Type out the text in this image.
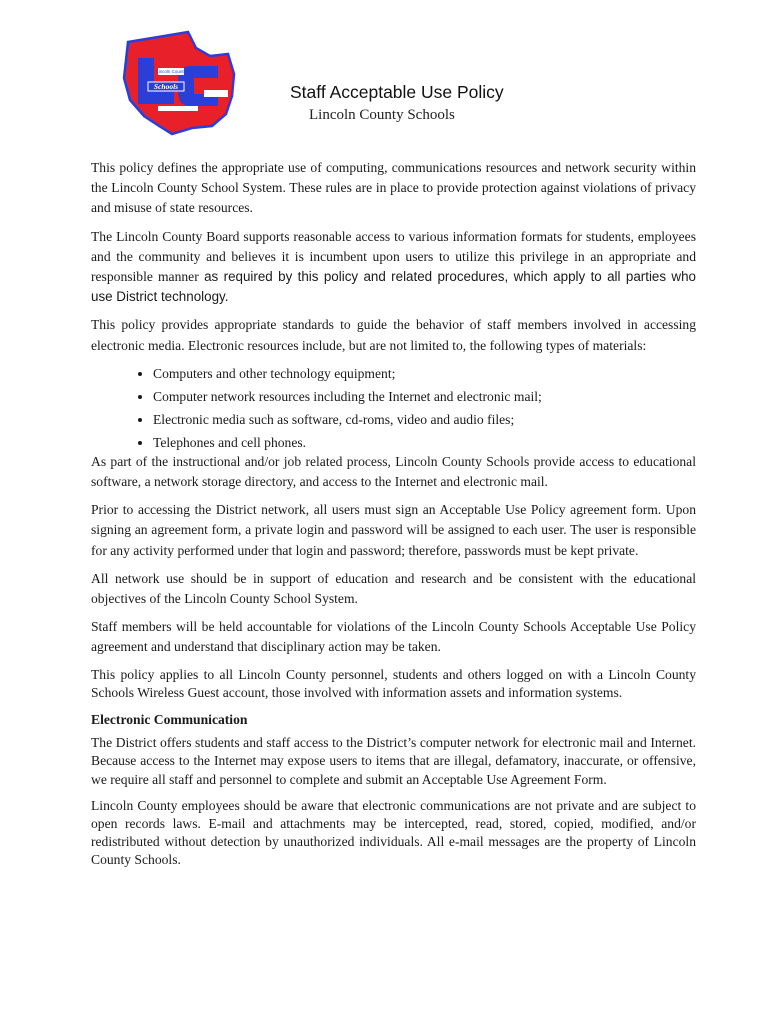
Lincoln County
Schools	Staff Acceptable Use Policy
Lincoln County Schools

This policy defines the appropriate use of computing, communications resources and network security within the Lincoln County School System. These rules are in place to provide protection against violations of privacy and misuse of state resources.

The Lincoln County Board supports reasonable access to various information formats for students, employees and the community and believes it is incumbent upon users to utilize this privilege in an appropriate and responsible manner as required by this policy and related procedures, which apply to all parties who use District technology.

This policy provides appropriate standards to guide the behavior of staff members involved in accessing electronic media. Electronic resources include, but are not limited to, the following types of materials:

• Computers and other technology equipment;
• Computer network resources including the Internet and electronic mail;
• Electronic media such as software, cd-roms, video and audio files;
• Telephones and cell phones.

As part of the instructional and/or job related process, Lincoln County Schools provide access to educational software, a network storage directory, and access to the Internet and electronic mail.

Prior to accessing the District network, all users must sign an Acceptable Use Policy agreement form. Upon signing an agreement form, a private login and password will be assigned to each user. The user is responsible for any activity performed under that login and password; therefore, passwords must be kept private.

All network use should be in support of education and research and be consistent with the educational objectives of the Lincoln County School System.

Staff members will be held accountable for violations of the Lincoln County Schools Acceptable Use Policy agreement and understand that disciplinary action may be taken.

This policy applies to all Lincoln County personnel, students and others logged on with a Lincoln County Schools Wireless Guest account, those involved with information assets and information systems.

Electronic Communication

The District offers students and staff access to the District’s computer network for electronic mail and Internet. Because access to the Internet may expose users to items that are illegal, defamatory, inaccurate, or offensive, we require all staff and personnel to complete and submit an Acceptable Use Agreement Form.

Lincoln County employees should be aware that electronic communications are not private and are subject to open records laws. E-mail and attachments may be intercepted, read, stored, copied, modified, and/or redistributed without detection by unauthorized individuals. All e-mail messages are the property of Lincoln County Schools.
